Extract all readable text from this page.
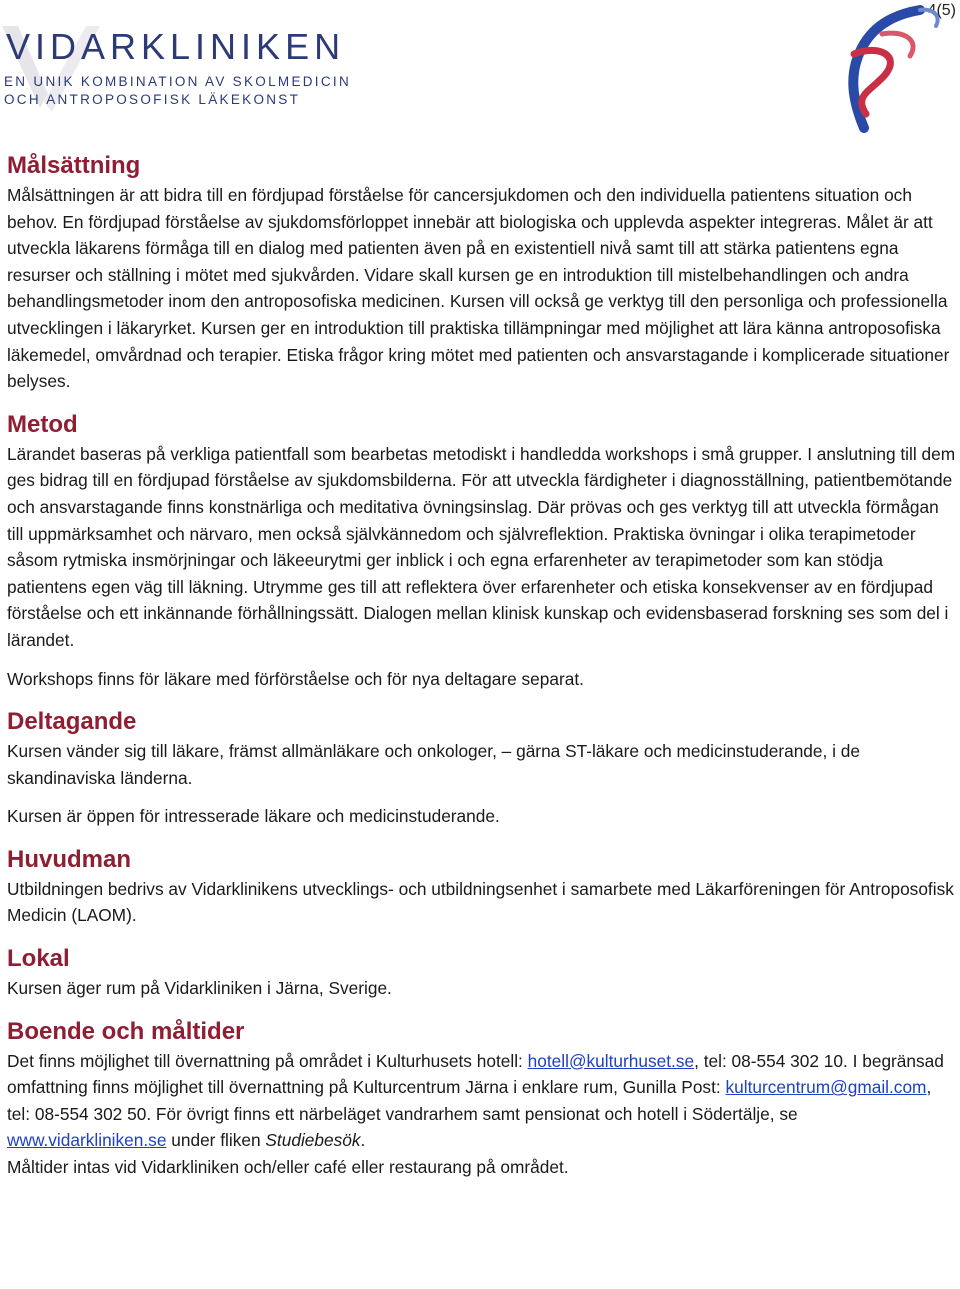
4(5)
VIDARKLINIKEN
EN UNIK KOMBINATION AV SKOLMEDICIN
OCH ANTROPOSOFISK LÄKEKONST
Målsättning

Målsättningen är att bidra till en fördjupad förståelse för cancersjukdomen och den individuella patientens situation och behov. En fördjupad förståelse av sjukdomsförloppet innebär att biologiska och upplevda aspekter integreras. Målet är att utveckla läkarens förmåga till en dialog med patienten även på en existentiell nivå samt till att stärka patientens egna resurser och ställning i mötet med sjukvården. Vidare skall kursen ge en introduktion till mistelbehandlingen och andra behandlingsmetoder inom den antroposofiska medicinen. Kursen vill också ge verktyg till den personliga och professionella utvecklingen i läkaryrket. Kursen ger en introduktion till praktiska tillämpningar med möjlighet att lära känna antroposofiska läkemedel, omvårdnad och terapier. Etiska frågor kring mötet med patienten och ansvarstagande i komplicerade situationer belyses.

Metod

Lärandet baseras på verkliga patientfall som bearbetas metodiskt i handledda workshops i små grupper. I anslutning till dem ges bidrag till en fördjupad förståelse av sjukdomsbilderna. För att utveckla färdigheter i diagnosställning, patientbemötande och ansvarstagande finns konstnärliga och meditativa övningsinslag. Där prövas och ges verktyg till att utveckla förmågan till uppmärksamhet och närvaro, men också självkännedom och självreflektion. Praktiska övningar i olika terapimetoder såsom rytmiska insmörjningar och läkeeurytmi ger inblick i och egna erfarenheter av terapimetoder som kan stödja patientens egen väg till läkning. Utrymme ges till att reflektera över erfarenheter och etiska konsekvenser av en fördjupad förståelse och ett inkännande förhållningssätt. Dialogen mellan klinisk kunskap och evidensbaserad forskning ses som del i lärandet.

Workshops finns för läkare med förförståelse och för nya deltagare separat.

Deltagande

Kursen vänder sig till läkare, främst allmänläkare och onkologer, – gärna ST-läkare och medicinstuderande, i de skandinaviska länderna.

Kursen är öppen för intresserade läkare och medicinstuderande.

Huvudman

Utbildningen bedrivs av Vidarklinikens utvecklings- och utbildningsenhet i samarbete med Läkarföreningen för Antroposofisk Medicin (LAOM).

Lokal

Kursen äger rum på Vidarkliniken i Järna, Sverige.

Boende och måltider

Det finns möjlighet till övernattning på området i Kulturhusets hotell: hotell@kulturhuset.se, tel: 08-554 302 10. I begränsad omfattning finns möjlighet till övernattning på Kulturcentrum Järna i enklare rum, Gunilla Post: kulturcentrum@gmail.com, tel: 08-554 302 50. För övrigt finns ett närbeläget vandrarhem samt pensionat och hotell i Södertälje, se www.vidarkliniken.se under fliken Studiebesök.

Måltider intas vid Vidarkliniken och/eller café eller restaurang på området.
